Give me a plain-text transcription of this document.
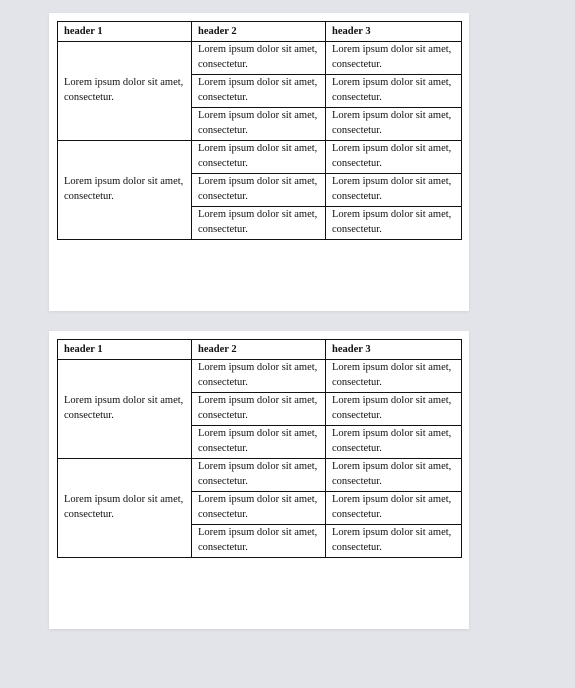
header 1	header 2	header 3
Lorem ipsum dolor sit amet, consectetur.	Lorem ipsum dolor sit amet, consectetur.	Lorem ipsum dolor sit amet, consectetur.
	Lorem ipsum dolor sit amet, consectetur.	Lorem ipsum dolor sit amet, consectetur.
	Lorem ipsum dolor sit amet, consectetur.	Lorem ipsum dolor sit amet, consectetur.
Lorem ipsum dolor sit amet, consectetur.	Lorem ipsum dolor sit amet, consectetur.	Lorem ipsum dolor sit amet, consectetur.
	Lorem ipsum dolor sit amet, consectetur.	Lorem ipsum dolor sit amet, consectetur.
	Lorem ipsum dolor sit amet, consectetur.	Lorem ipsum dolor sit amet, consectetur.
header 1	header 2	header 3
Lorem ipsum dolor sit amet, consectetur.	Lorem ipsum dolor sit amet, consectetur.	Lorem ipsum dolor sit amet, consectetur.
	Lorem ipsum dolor sit amet, consectetur.	Lorem ipsum dolor sit amet, consectetur.
	Lorem ipsum dolor sit amet, consectetur.	Lorem ipsum dolor sit amet, consectetur.
Lorem ipsum dolor sit amet, consectetur.	Lorem ipsum dolor sit amet, consectetur.	Lorem ipsum dolor sit amet, consectetur.
	Lorem ipsum dolor sit amet, consectetur.	Lorem ipsum dolor sit amet, consectetur.
	Lorem ipsum dolor sit amet, consectetur.	Lorem ipsum dolor sit amet, consectetur.
